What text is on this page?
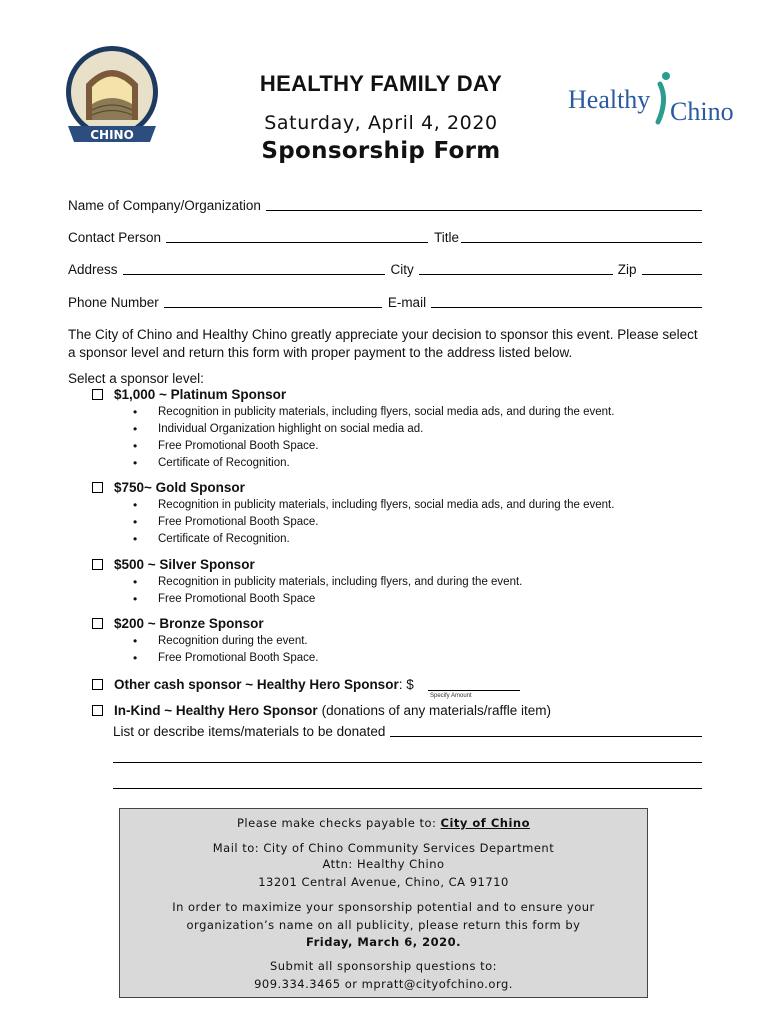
CHINO
HEALTHY FAMILY DAY
Saturday, April 4, 2020
Sponsorship Form
Healthy Chino
Name of Company/Organization
Contact Person	Title
Address	City	Zip
Phone Number	E-mail
The City of Chino and Healthy Chino greatly appreciate your decision to sponsor this event. Please select a sponsor level and return this form with proper payment to the address listed below.
Select a sponsor level:
$1,000 ~ Platinum Sponsor
• Recognition in publicity materials, including flyers, social media ads, and during the event.
• Individual Organization highlight on social media ad.
• Free Promotional Booth Space.
• Certificate of Recognition.
$750~ Gold Sponsor
• Recognition in publicity materials, including flyers, social media ads, and during the event.
• Free Promotional Booth Space.
• Certificate of Recognition.
$500 ~ Silver Sponsor
• Recognition in publicity materials, including flyers, and during the event.
• Free Promotional Booth Space
$200 ~ Bronze Sponsor
• Recognition during the event.
• Free Promotional Booth Space.
Other cash sponsor ~ Healthy Hero Sponsor : $
Specify Amount
In-Kind ~ Healthy Hero Sponsor (donations of any materials/raffle item)
List or describe items/materials to be donated
Please make checks payable to: City of Chino
Mail to: City of Chino Community Services Department
Attn: Healthy Chino
13201 Central Avenue, Chino, CA 91710
In order to maximize your sponsorship potential and to ensure your
organization’s name on all publicity, please return this form by
Friday, March 6, 2020.
Submit all sponsorship questions to:
909.334.3465 or mpratt@cityofchino.org.
